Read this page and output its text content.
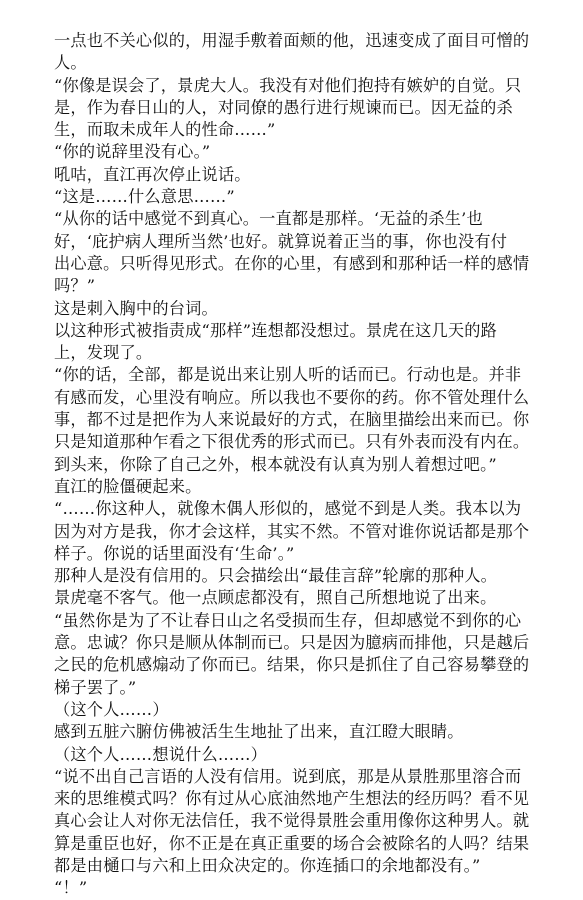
一点也不关心似的，用湿手敷着面颊的他，迅速变成了面目可憎的
人。
“你像是误会了，景虎大人。我没有对他们抱持有嫉妒的自觉。只
是，作为春日山的人，对同僚的愚行进行规谏而已。因无益的杀
生，而取未成年人的性命……”
“你的说辞里没有心。”
吼咕，直江再次停止说话。
“这是……什么意思……”
“从你的话中感觉不到真心。一直都是那样。‘无益的杀生’也
好，‘庇护病人理所当然’也好。就算说着正当的事，你也没有付
出心意。只听得见形式。在你的心里，有感到和那种话一样的感情
吗？”
这是刺入胸中的台词。
以这种形式被指责成“那样”连想都没想过。景虎在这几天的路
上，发现了。
“你的话，全部，都是说出来让别人听的话而已。行动也是。并非
有感而发，心里没有响应。所以我也不要你的药。你不管处理什么
事，都不过是把作为人来说最好的方式，在脑里描绘出来而已。你
只是知道那种乍看之下很优秀的形式而已。只有外表而没有内在。
到头来，你除了自己之外，根本就没有认真为别人着想过吧。”
直江的脸僵硬起来。
“……你这种人，就像木偶人形似的，感觉不到是人类。我本以为
因为对方是我，你才会这样，其实不然。不管对谁你说话都是那个
样子。你说的话里面没有‘生命’。”
那种人是没有信用的。只会描绘出“最佳言辞”轮廓的那种人。
景虎毫不客气。他一点顾虑都没有，照自己所想地说了出来。
“虽然你是为了不让春日山之名受损而生存，但却感觉不到你的心
意。忠诚？你只是顺从体制而已。只是因为臆病而排他，只是越后
之民的危机感煽动了你而已。结果，你只是抓住了自己容易攀登的
梯子罢了。”
（这个人……）
感到五脏六腑仿佛被活生生地扯了出来，直江瞪大眼睛。
（这个人……想说什么……）
“说不出自己言语的人没有信用。说到底，那是从景胜那里溶合而
来的思维模式吗？你有过从心底油然地产生想法的经历吗？看不见
真心会让人对你无法信任，我不觉得景胜会重用像你这种男人。就
算是重臣也好，你不正是在真正重要的场合会被除名的人吗？结果
都是由樋口与六和上田众决定的。你连插口的余地都没有。”
“！”
